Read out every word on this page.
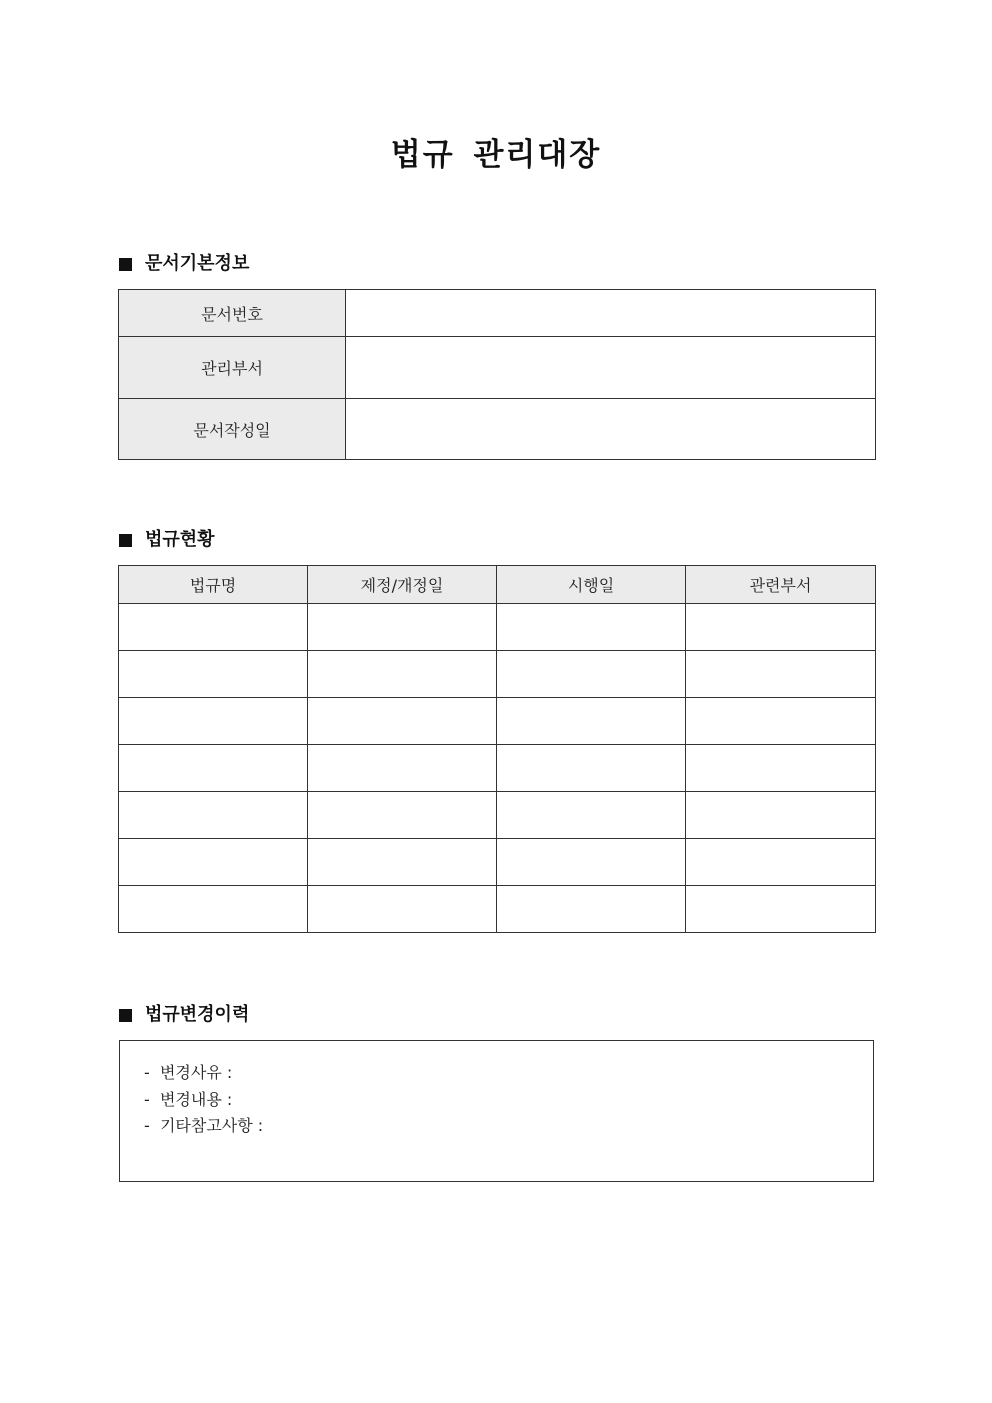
법규 관리대장
문서기본정보
문서번호	
관리부서	
문서작성일	
법규현황
법규명	제정/개정일	시행일	관련부서

법규변경이력
-  변경사유 :
-  변경내용 :
-  기타참고사항 :
